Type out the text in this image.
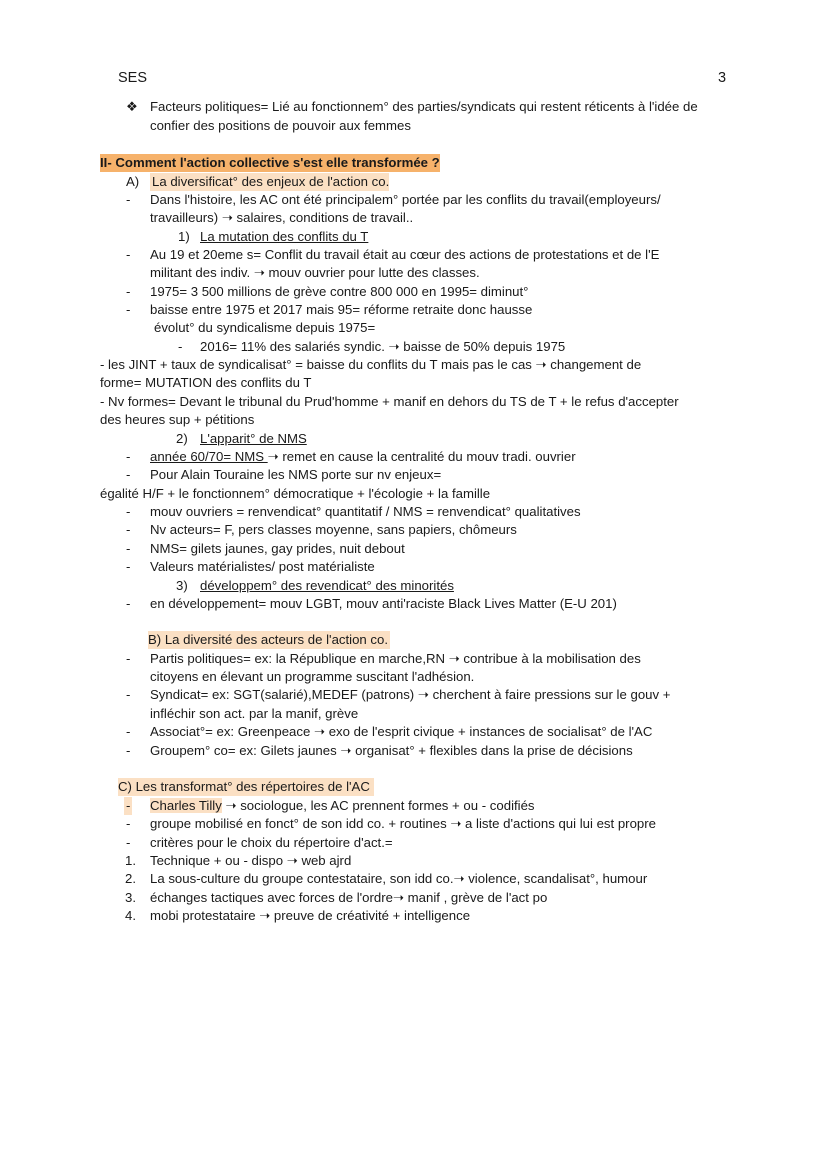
SES	3
❖ Facteurs politiques= Lié au fonctionnem° des parties/syndicats qui restent réticents à l'idée de
confier des positions de pouvoir aux femmes
II- Comment l'action collective s'est elle transformée ?
A) La diversificat° des enjeux de l'action co.
- Dans l'histoire, les AC ont été principalem° portée par les conflits du travail(employeurs/
travailleurs) ➝ salaires, conditions de travail..
1) La mutation des conflits du T
- Au 19 et 20eme s= Conflit du travail était au cœur des actions de protestations et de l'E
militant des indiv. ➝ mouv ouvrier pour lutte des classes.
- 1975= 3 500 millions de grève contre 800 000 en 1995= diminut°
- baisse entre 1975 et 2017 mais 95= réforme retraite donc hausse
évolut° du syndicalisme depuis 1975=
- 2016= 11% des salariés syndic. ➝ baisse de 50% depuis 1975
- les JINT + taux de syndicalisat° = baisse du conflits du T mais pas le cas ➝ changement de
forme= MUTATION des conflits du T
- Nv formes= Devant le tribunal du Prud'homme + manif en dehors du TS de T + le refus d'accepter
des heures sup + pétitions
2) L'apparit° de NMS
- année 60/70= NMS ➝ remet en cause la centralité du mouv tradi. ouvrier
- Pour Alain Touraine les NMS porte sur nv enjeux=
égalité H/F + le fonctionnem° démocratique + l'écologie + la famille
- mouv ouvriers = renvendicat° quantitatif / NMS = renvendicat° qualitatives
- Nv acteurs= F, pers classes moyenne, sans papiers, chômeurs
- NMS= gilets jaunes, gay prides, nuit debout
- Valeurs matérialistes/ post matérialiste
3) développem° des revendicat° des minorités
- en développement= mouv LGBT, mouv anti'raciste Black Lives Matter (E-U 201)
B) La diversité des acteurs de l'action co.
- Partis politiques= ex: la République en marche,RN ➝ contribue à la mobilisation des
citoyens en élevant un programme suscitant l'adhésion.
- Syndicat= ex: SGT(salarié),MEDEF (patrons) ➝ cherchent à faire pressions sur le gouv +
infléchir son act. par la manif, grève
- Associat°= ex: Greenpeace ➝ exo de l'esprit civique + instances de socialisat° de l'AC
- Groupem° co= ex: Gilets jaunes ➝ organisat° + flexibles dans la prise de décisions
C) Les transformat° des répertoires de l'AC
- Charles Tilly ➝ sociologue, les AC prennent formes + ou - codifiés
- groupe mobilisé en fonct° de son idd co. + routines ➝ a liste d'actions qui lui est propre
- critères pour le choix du répertoire d'act.=
1. Technique + ou - dispo ➝ web ajrd
2. La sous-culture du groupe contestataire, son idd co.➝ violence, scandalisat°, humour
3. échanges tactiques avec forces de l'ordre➝ manif , grève de l'act po
4. mobi protestataire ➝ preuve de créativité + intelligence
